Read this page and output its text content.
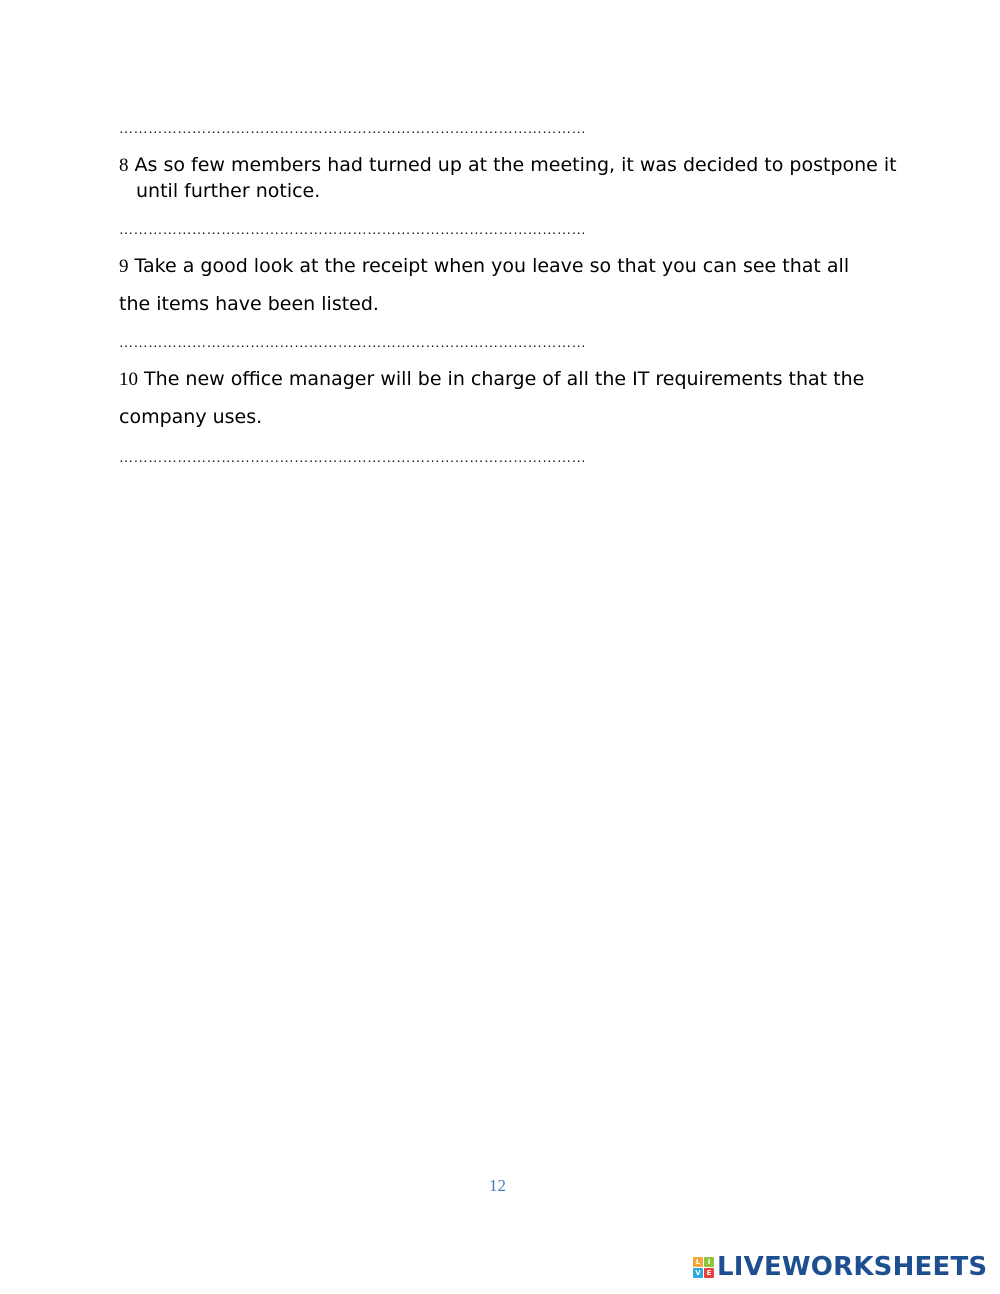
……………………………………………………………………………………
8 As so few members had turned up at the meeting, it was decided to postpone it
until further notice.
……………………………………………………………………………………
9 Take a good look at the receipt when you leave so that you can see that all
the items have been listed.
……………………………………………………………………………………
10 The new office manager will be in charge of all the IT requirements that the
company uses.
……………………………………………………………………………………
12
L	I
V E LIVEWORKSHEETS
